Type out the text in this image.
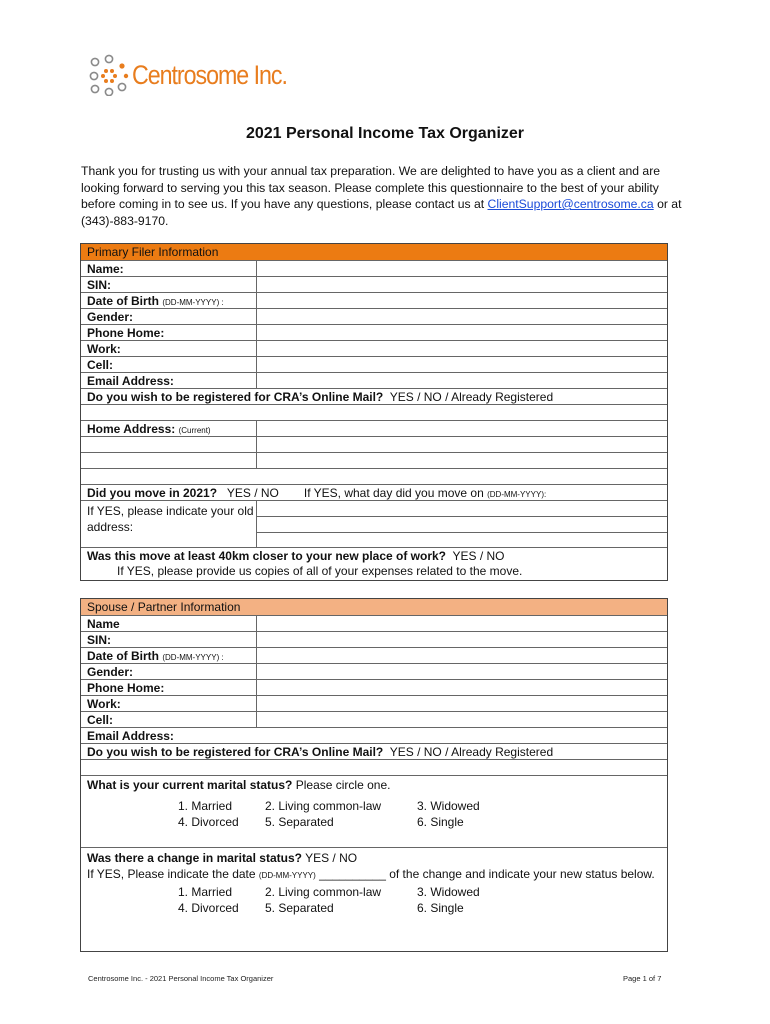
Centrosome Inc.
2021 Personal Income Tax Organizer
Thank you for trusting us with your annual tax preparation. We are delighted to have you as a client and are looking forward to serving you this tax season. Please complete this questionnaire to the best of your ability before coming in to see us. If you have any questions, please contact us at ClientSupport@centrosome.ca or at (343)-883-9170.
Primary Filer Information
Name:
SIN:
Date of Birth (DD-MM-YYYY) :
Gender:
Phone Home:
Work:
Cell:
Email Address:
Do you wish to be registered for CRA’s Online Mail? YES / NO / Already Registered
Home Address: (Current)
Did you move in 2021? YES / NO If YES, what day did you move on (DD-MM-YYYY):
If YES, please indicate your old address:
Was this move at least 40km closer to your new place of work? YES / NO
If YES, please provide us copies of all of your expenses related to the move.
Spouse / Partner Information
Name
SIN:
Date of Birth (DD-MM-YYYY) :
Gender:
Phone Home:
Work:
Cell:
Email Address:
Do you wish to be registered for CRA’s Online Mail? YES / NO / Already Registered
What is your current marital status? Please circle one.
1. Married	2. Living common-law	3. Widowed
4. Divorced 5. Separated	6. Single
Was there a change in marital status? YES / NO
If YES, Please indicate the date (DD-MM-YYYY) __________ of the change and indicate your new status below.
1. Married	2. Living common-law	3. Widowed
4. Divorced 5. Separated	6. Single
Centrosome Inc. - 2021 Personal Income Tax Organizer	Page 1 of 7
